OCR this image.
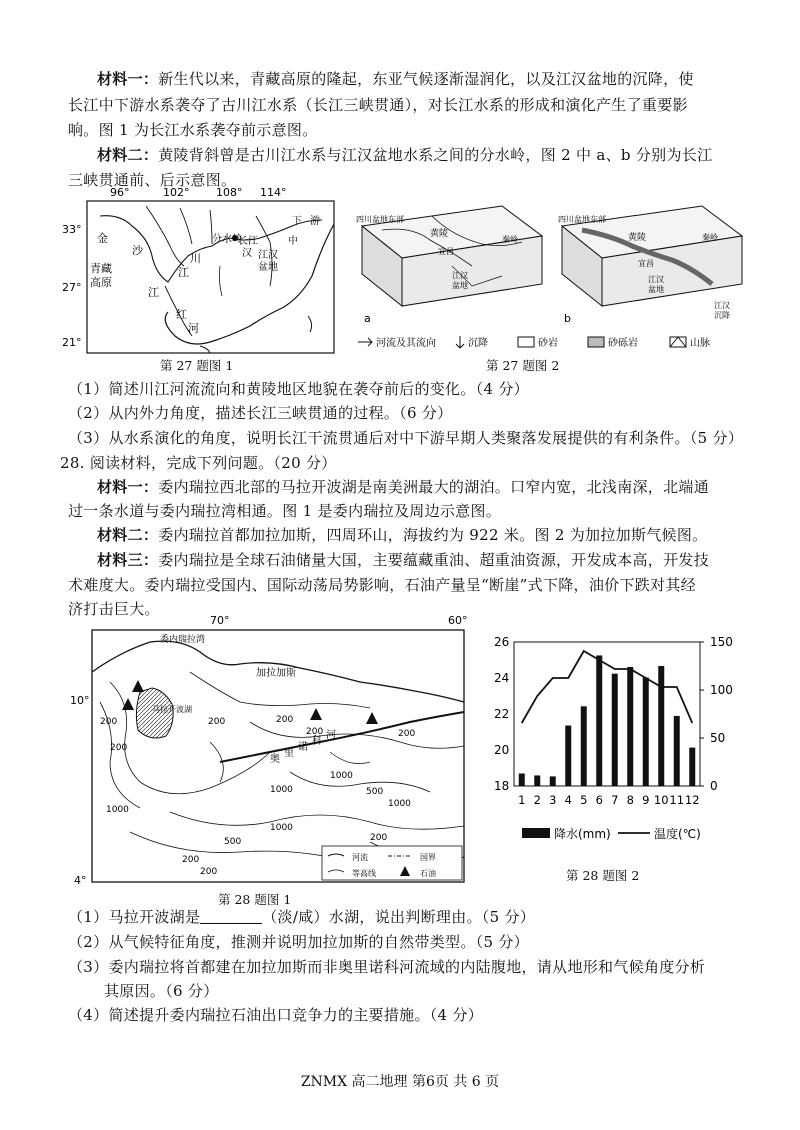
材料一：新生代以来，青藏高原的隆起，东亚气候逐渐湿润化，以及江汉盆地的沉降，使
长江中下游水系袭夺了古川江水系（长江三峡贯通），对长江水系的形成和演化产生了重要影
响。图 1 为长江水系袭夺前示意图。
材料二：黄陵背斜曾是古川江水系与江汉盆地水系之间的分水岭，图 2 中 a、b 分别为长江
三峡贯通前、后示意图。
96°	102° 108° 114°
33°
27°
21°
金
沙
江
青藏
高原
川
江
红
河
分水岭
长江
汉 江汉
盆地
中
下 游
第 27 题图 1
四川盆地东部
黄陵
宜昌
秦岭
江汉
盆地
a
四川盆地东部
黄陵
宜昌
秦岭
江汉
盆地
江汉
沉降
b
河流及其流向	沉降	砂岩	砂砾岩	山脉
第 27 题图 2
（1）简述川江河流流向和黄陵地区地貌在袭夺前后的变化。（4 分）
（2）从内外力角度，描述长江三峡贯通的过程。（6 分）
（3）从水系演化的角度，说明长江干流贯通后对中下游早期人类聚落发展提供的有利条件。（5 分）
28. 阅读材料，完成下列问题。（20 分）
材料一：委内瑞拉西北部的马拉开波湖是南美洲最大的湖泊。口窄内宽，北浅南深，北端通
过一条水道与委内瑞拉湾相通。图 1 是委内瑞拉及周边示意图。
材料二：委内瑞拉首都加拉加斯，四周环山，海拔约为 922 米。图 2 为加拉加斯气候图。
材料三：委内瑞拉是全球石油储量大国，主要蕴藏重油、超重油资源，开发成本高，开发技
术难度大。委内瑞拉受国内、国际动荡局势影响，石油产量呈“断崖”式下降，油价下跌对其经
济打击巨大。
70°	60°
10°
4°
委内瑞拉湾
加拉加斯
马拉开波湖
奥
里
诺
科
河
200
200
200	200
200	200
1000
1000
1000
500
1000
500
200
1000
200
200
河流	国界
等高线	石油
第 28 题图 1
18
20
22
24
26
0
50
100
150
1 2 3 4 5 6 7 8 9 10 11 12
降水(mm)	温度(℃)
第 28 题图 2
（1）马拉开波湖是	（淡/咸）水湖，说出判断理由。（5 分）
（2）从气候特征角度，推测并说明加拉加斯的自然带类型。（5 分）
（3）委内瑞拉将首都建在加拉加斯而非奥里诺科河流域的内陆腹地，请从地形和气候角度分析
其原因。（6 分）
（4）简述提升委内瑞拉石油出口竞争力的主要措施。（4 分）
ZNMX 高二地理 第6页 共 6 页
